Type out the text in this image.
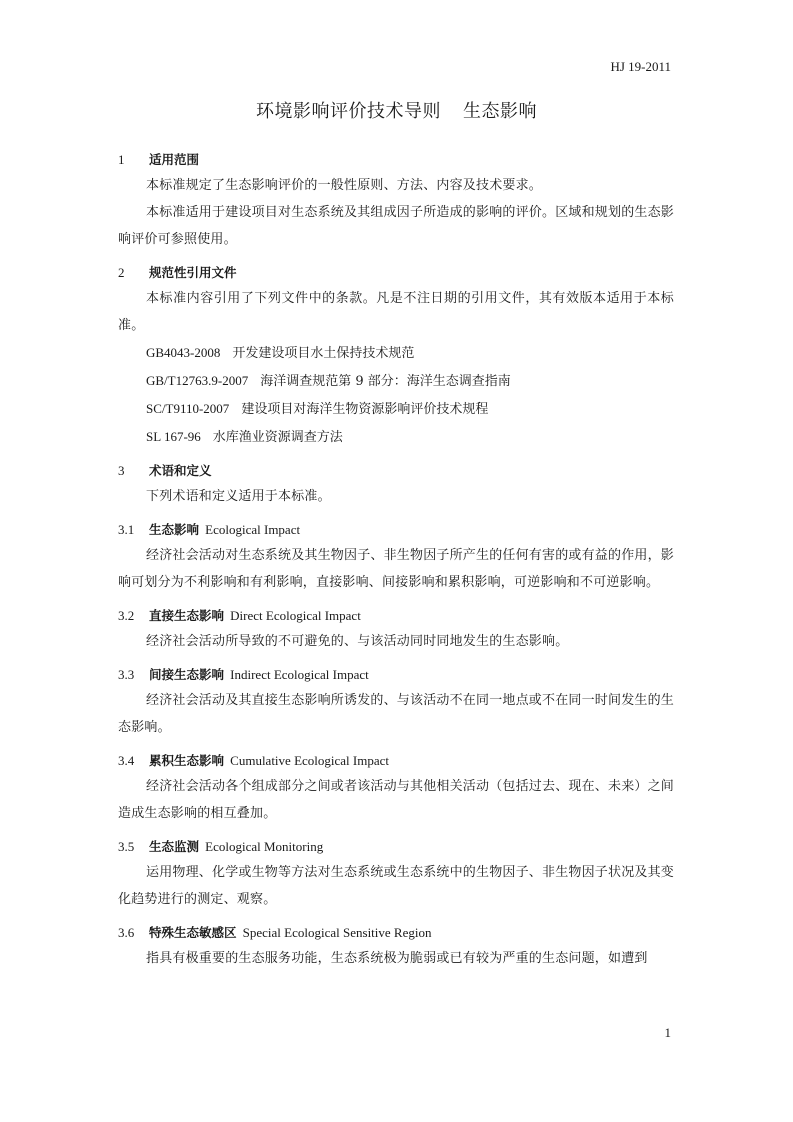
HJ 19-2011
环境影响评价技术导则 生态影响
1 适用范围

本标准规定了生态影响评价的一般性原则、方法、内容及技术要求。

本标准适用于建设项目对生态系统及其组成因子所造成的影响的评价。区域和规划的生态影响评价可参照使用。

2 规范性引用文件

本标准内容引用了下列文件中的条款。凡是不注日期的引用文件，其有效版本适用于本标准。

GB4043-2008 开发建设项目水土保持技术规范

GB/T12763.9-2007 海洋调查规范第 9 部分：海洋生态调查指南

SC/T9110-2007 建设项目对海洋生物资源影响评价技术规程

SL 167-96 水库渔业资源调查方法

3 术语和定义

下列术语和定义适用于本标准。

3.1 生态影响 Ecological Impact

经济社会活动对生态系统及其生物因子、非生物因子所产生的任何有害的或有益的作用，影响可划分为不利影响和有利影响，直接影响、间接影响和累积影响，可逆影响和不可逆影响。

3.2 直接生态影响 Direct Ecological Impact

经济社会活动所导致的不可避免的、与该活动同时同地发生的生态影响。

3.3 间接生态影响 Indirect Ecological Impact

经济社会活动及其直接生态影响所诱发的、与该活动不在同一地点或不在同一时间发生的生态影响。

3.4 累积生态影响 Cumulative Ecological Impact

经济社会活动各个组成部分之间或者该活动与其他相关活动（包括过去、现在、未来）之间造成生态影响的相互叠加。

3.5 生态监测 Ecological Monitoring

运用物理、化学或生物等方法对生态系统或生态系统中的生物因子、非生物因子状况及其变化趋势进行的测定、观察。

3.6 特殊生态敏感区 Special Ecological Sensitive Region

指具有极重要的生态服务功能，生态系统极为脆弱或已有较为严重的生态问题，如遭到

1
